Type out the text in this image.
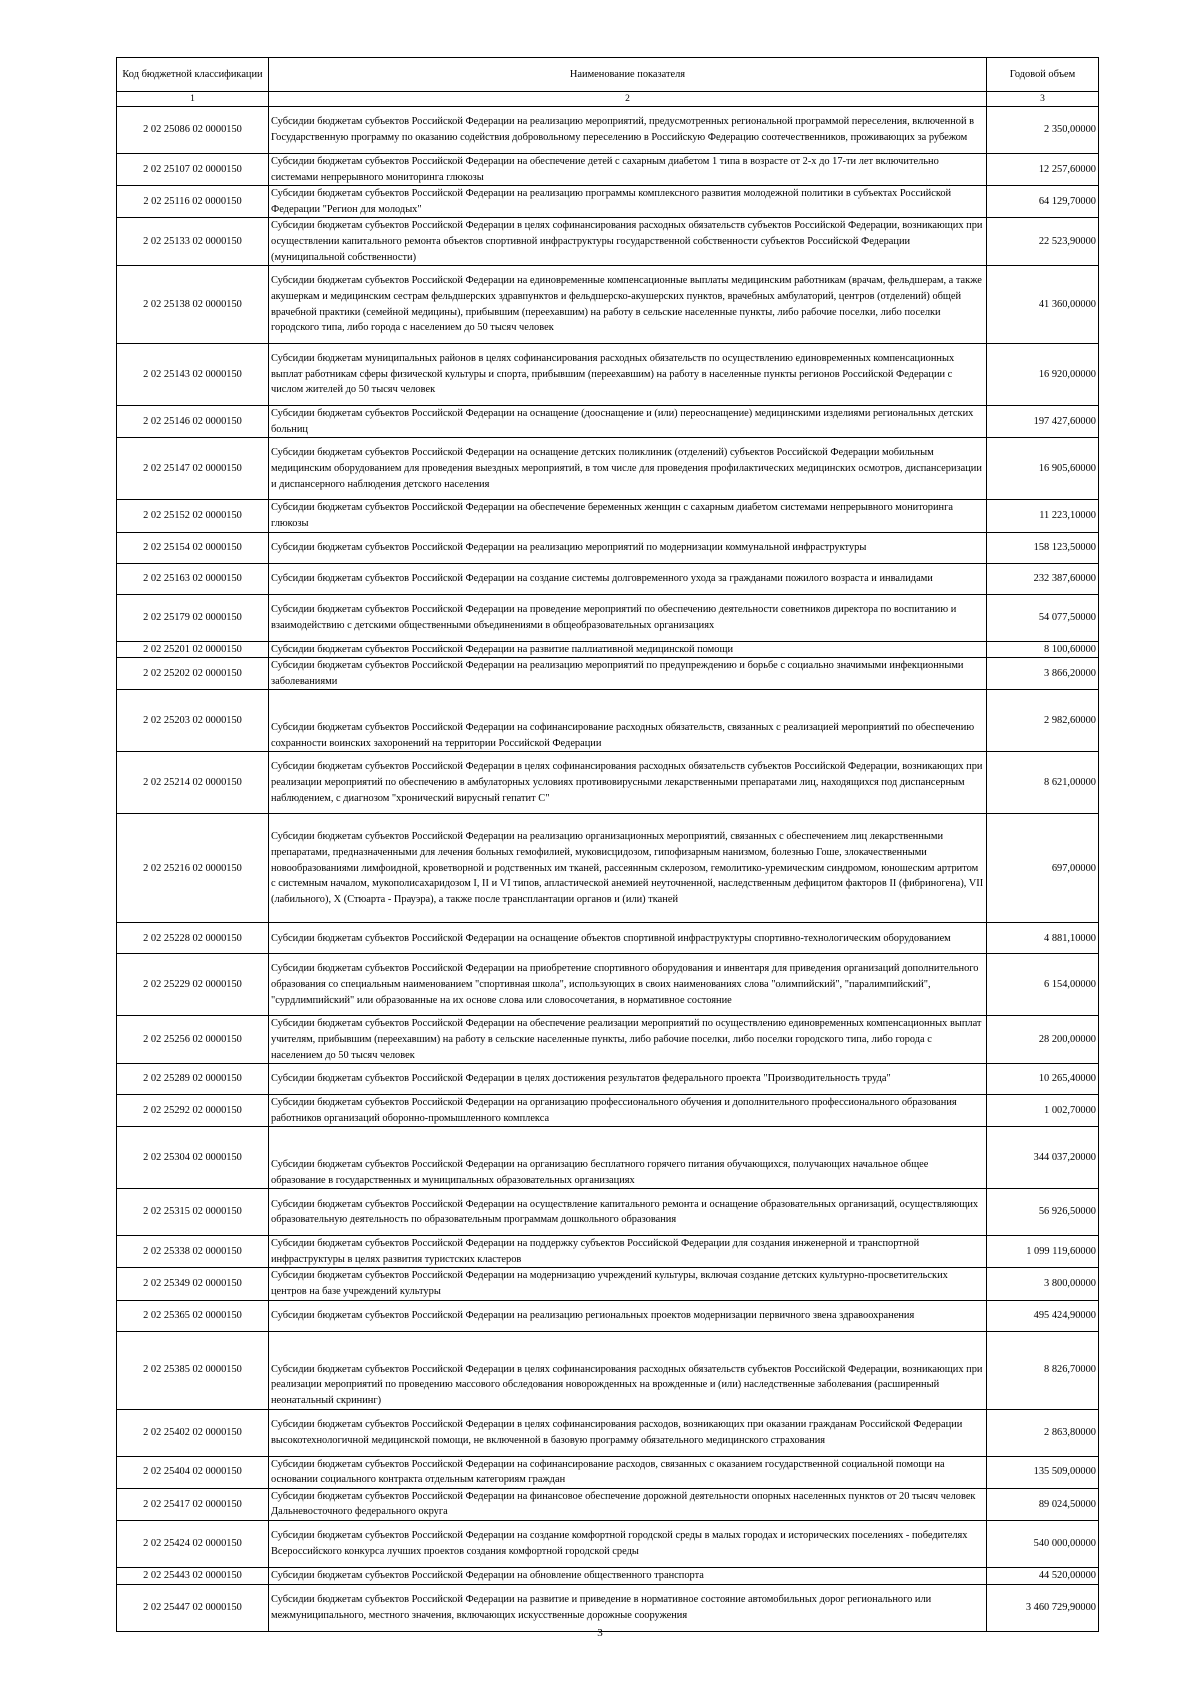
Код бюджетной классификации	Наименование показателя	Годовой объем
1	2	3
2 02 25086 02 0000150	Субсидии бюджетам субъектов Российской Федерации на реализацию мероприятий, предусмотренных региональной программой переселения, включенной в Государственную программу по оказанию содействия добровольному переселению в Российскую Федерацию соотечественников, проживающих за рубежом	2 350,00000
2 02 25107 02 0000150	Субсидии бюджетам субъектов Российской Федерации на обеспечение детей с сахарным диабетом 1 типа в возрасте от 2-х до 17-ти лет включительно системами непрерывного мониторинга глюкозы	12 257,60000
2 02 25116 02 0000150	Субсидии бюджетам субъектов Российской Федерации на реализацию программы комплексного развития молодежной политики в субъектах Российской Федерации "Регион для молодых"	64 129,70000
2 02 25133 02 0000150	Субсидии бюджетам субъектов Российской Федерации в целях софинансирования расходных обязательств субъектов Российской Федерации, возникающих при осуществлении капитального ремонта объектов спортивной инфраструктуры государственной собственности субъектов Российской Федерации (муниципальной собственности)	22 523,90000
2 02 25138 02 0000150	Субсидии бюджетам субъектов Российской Федерации на единовременные компенсационные выплаты медицинским работникам (врачам, фельдшерам, а также акушеркам и медицинским сестрам фельдшерских здравпунктов и фельдшерско-акушерских пунктов, врачебных амбулаторий, центров (отделений) общей врачебной практики (семейной медицины), прибывшим (переехавшим) на работу в сельские населенные пункты, либо рабочие поселки, либо поселки городского типа, либо города с населением до 50 тысяч человек	41 360,00000
2 02 25143 02 0000150	Субсидии бюджетам муниципальных районов в целях софинансирования расходных обязательств по осуществлению единовременных компенсационных выплат работникам сферы физической культуры и спорта, прибывшим (переехавшим) на работу в населенные пункты регионов Российской Федерации с числом жителей до 50 тысяч человек	16 920,00000
2 02 25146 02 0000150	Субсидии бюджетам субъектов Российской Федерации на оснащение (дооснащение и (или) переоснащение) медицинскими изделиями региональных детских больниц	197 427,60000
2 02 25147 02 0000150	Субсидии бюджетам субъектов Российской Федерации на оснащение детских поликлиник (отделений) субъектов Российской Федерации мобильным медицинским оборудованием для проведения выездных мероприятий, в том числе для проведения профилактических медицинских осмотров, диспансеризации и диспансерного наблюдения детского населения	16 905,60000
2 02 25152 02 0000150	Субсидии бюджетам субъектов Российской Федерации на обеспечение беременных женщин с сахарным диабетом системами непрерывного мониторинга глюкозы	11 223,10000
2 02 25154 02 0000150	Субсидии бюджетам субъектов Российской Федерации на реализацию мероприятий по модернизации коммунальной инфраструктуры	158 123,50000
2 02 25163 02 0000150	Субсидии бюджетам субъектов Российской Федерации на создание системы долговременного ухода за гражданами пожилого возраста и инвалидами	232 387,60000
2 02 25179 02 0000150	Субсидии бюджетам субъектов Российской Федерации на проведение мероприятий по обеспечению деятельности советников директора по воспитанию и взаимодействию с детскими общественными объединениями в общеобразовательных организациях	54 077,50000
2 02 25201 02 0000150	Субсидии бюджетам субъектов Российской Федерации на развитие паллиативной медицинской помощи	8 100,60000
2 02 25202 02 0000150	Субсидии бюджетам субъектов Российской Федерации на реализацию мероприятий по предупреждению и борьбе с социально значимыми инфекционными заболеваниями	3 866,20000
2 02 25203 02 0000150	Субсидии бюджетам субъектов Российской Федерации на софинансирование расходных обязательств, связанных с реализацией мероприятий по обеспечению сохранности воинских захоронений на территории Российской Федерации	2 982,60000
2 02 25214 02 0000150	Субсидии бюджетам субъектов Российской Федерации в целях софинансирования расходных обязательств субъектов Российской Федерации, возникающих при реализации мероприятий по обеспечению в амбулаторных условиях противовирусными лекарственными препаратами лиц, находящихся под диспансерным наблюдением, с диагнозом "хронический вирусный гепатит С"	8 621,00000
2 02 25216 02 0000150	Субсидии бюджетам субъектов Российской Федерации на реализацию организационных мероприятий, связанных с обеспечением лиц лекарственными препаратами, предназначенными для лечения больных гемофилией, муковисцидозом, гипофизарным нанизмом, болезнью Гоше, злокачественными новообразованиями лимфоидной, кроветворной и родственных им тканей, рассеянным склерозом, гемолитико-уремическим синдромом, юношеским артритом с системным началом, мукополисахаридозом I, II и VI типов, апластической анемией неуточненной, наследственным дефицитом факторов II (фибриногена), VII (лабильного), X (Стюарта - Прауэра), а также после трансплантации органов и (или) тканей	697,00000
2 02 25228 02 0000150	Субсидии бюджетам субъектов Российской Федерации на оснащение объектов спортивной инфраструктуры спортивно-технологическим оборудованием	4 881,10000
2 02 25229 02 0000150	Субсидии бюджетам субъектов Российской Федерации на приобретение спортивного оборудования и инвентаря для приведения организаций дополнительного образования со специальным наименованием "спортивная школа", использующих в своих наименованиях слова "олимпийский", "паралимпийский", "сурдлимпийский" или образованные на их основе слова или словосочетания, в нормативное состояние	6 154,00000
2 02 25256 02 0000150	Субсидии бюджетам субъектов Российской Федерации на обеспечение реализации мероприятий по осуществлению единовременных компенсационных выплат учителям, прибывшим (переехавшим) на работу в сельские населенные пункты, либо рабочие поселки, либо поселки городского типа, либо города с населением до 50 тысяч человек	28 200,00000
2 02 25289 02 0000150	Субсидии бюджетам субъектов Российской Федерации в целях достижения результатов федерального проекта "Производительность труда"	10 265,40000
2 02 25292 02 0000150	Субсидии бюджетам субъектов Российской Федерации на организацию профессионального обучения и дополнительного профессионального образования работников организаций оборонно-промышленного комплекса	1 002,70000
2 02 25304 02 0000150	Субсидии бюджетам субъектов Российской Федерации на организацию бесплатного горячего питания обучающихся, получающих начальное общее образование в государственных и муниципальных образовательных организациях	344 037,20000
2 02 25315 02 0000150	Субсидии бюджетам субъектов Российской Федерации на осуществление капитального ремонта и оснащение образовательных организаций, осуществляющих образовательную деятельность по образовательным программам дошкольного образования	56 926,50000
2 02 25338 02 0000150	Субсидии бюджетам субъектов Российской Федерации на поддержку субъектов Российской Федерации для создания инженерной и транспортной инфраструктуры в целях развития туристских кластеров	1 099 119,60000
2 02 25349 02 0000150	Субсидии бюджетам субъектов Российской Федерации на модернизацию учреждений культуры, включая создание детских культурно-просветительских центров на базе учреждений культуры	3 800,00000
2 02 25365 02 0000150	Субсидии бюджетам субъектов Российской Федерации на реализацию региональных проектов модернизации первичного звена здравоохранения	495 424,90000
2 02 25385 02 0000150	Субсидии бюджетам субъектов Российской Федерации в целях софинансирования расходных обязательств субъектов Российской Федерации, возникающих при реализации мероприятий по проведению массового обследования новорожденных на врожденные и (или) наследственные заболевания (расширенный неонатальный скрининг)	8 826,70000
2 02 25402 02 0000150	Субсидии бюджетам субъектов Российской Федерации в целях софинансирования расходов, возникающих при оказании гражданам Российской Федерации высокотехнологичной медицинской помощи, не включенной в базовую программу обязательного медицинского страхования	2 863,80000
2 02 25404 02 0000150	Субсидии бюджетам субъектов Российской Федерации на софинансирование расходов, связанных с оказанием государственной социальной помощи на основании социального контракта отдельным категориям граждан	135 509,00000
2 02 25417 02 0000150	Субсидии бюджетам субъектов Российской Федерации на финансовое обеспечение дорожной деятельности опорных населенных пунктов от 20 тысяч человек Дальневосточного федерального округа	89 024,50000
2 02 25424 02 0000150	Субсидии бюджетам субъектов Российской Федерации на создание комфортной городской среды в малых городах и исторических поселениях - победителях Всероссийского конкурса лучших проектов создания комфортной городской среды	540 000,00000
2 02 25443 02 0000150	Субсидии бюджетам субъектов Российской Федерации на обновление общественного транспорта	44 520,00000
2 02 25447 02 0000150	Субсидии бюджетам субъектов Российской Федерации на развитие и приведение в нормативное состояние автомобильных дорог регионального или межмуниципального, местного значения, включающих искусственные дорожные сооружения	3 460 729,90000
3
